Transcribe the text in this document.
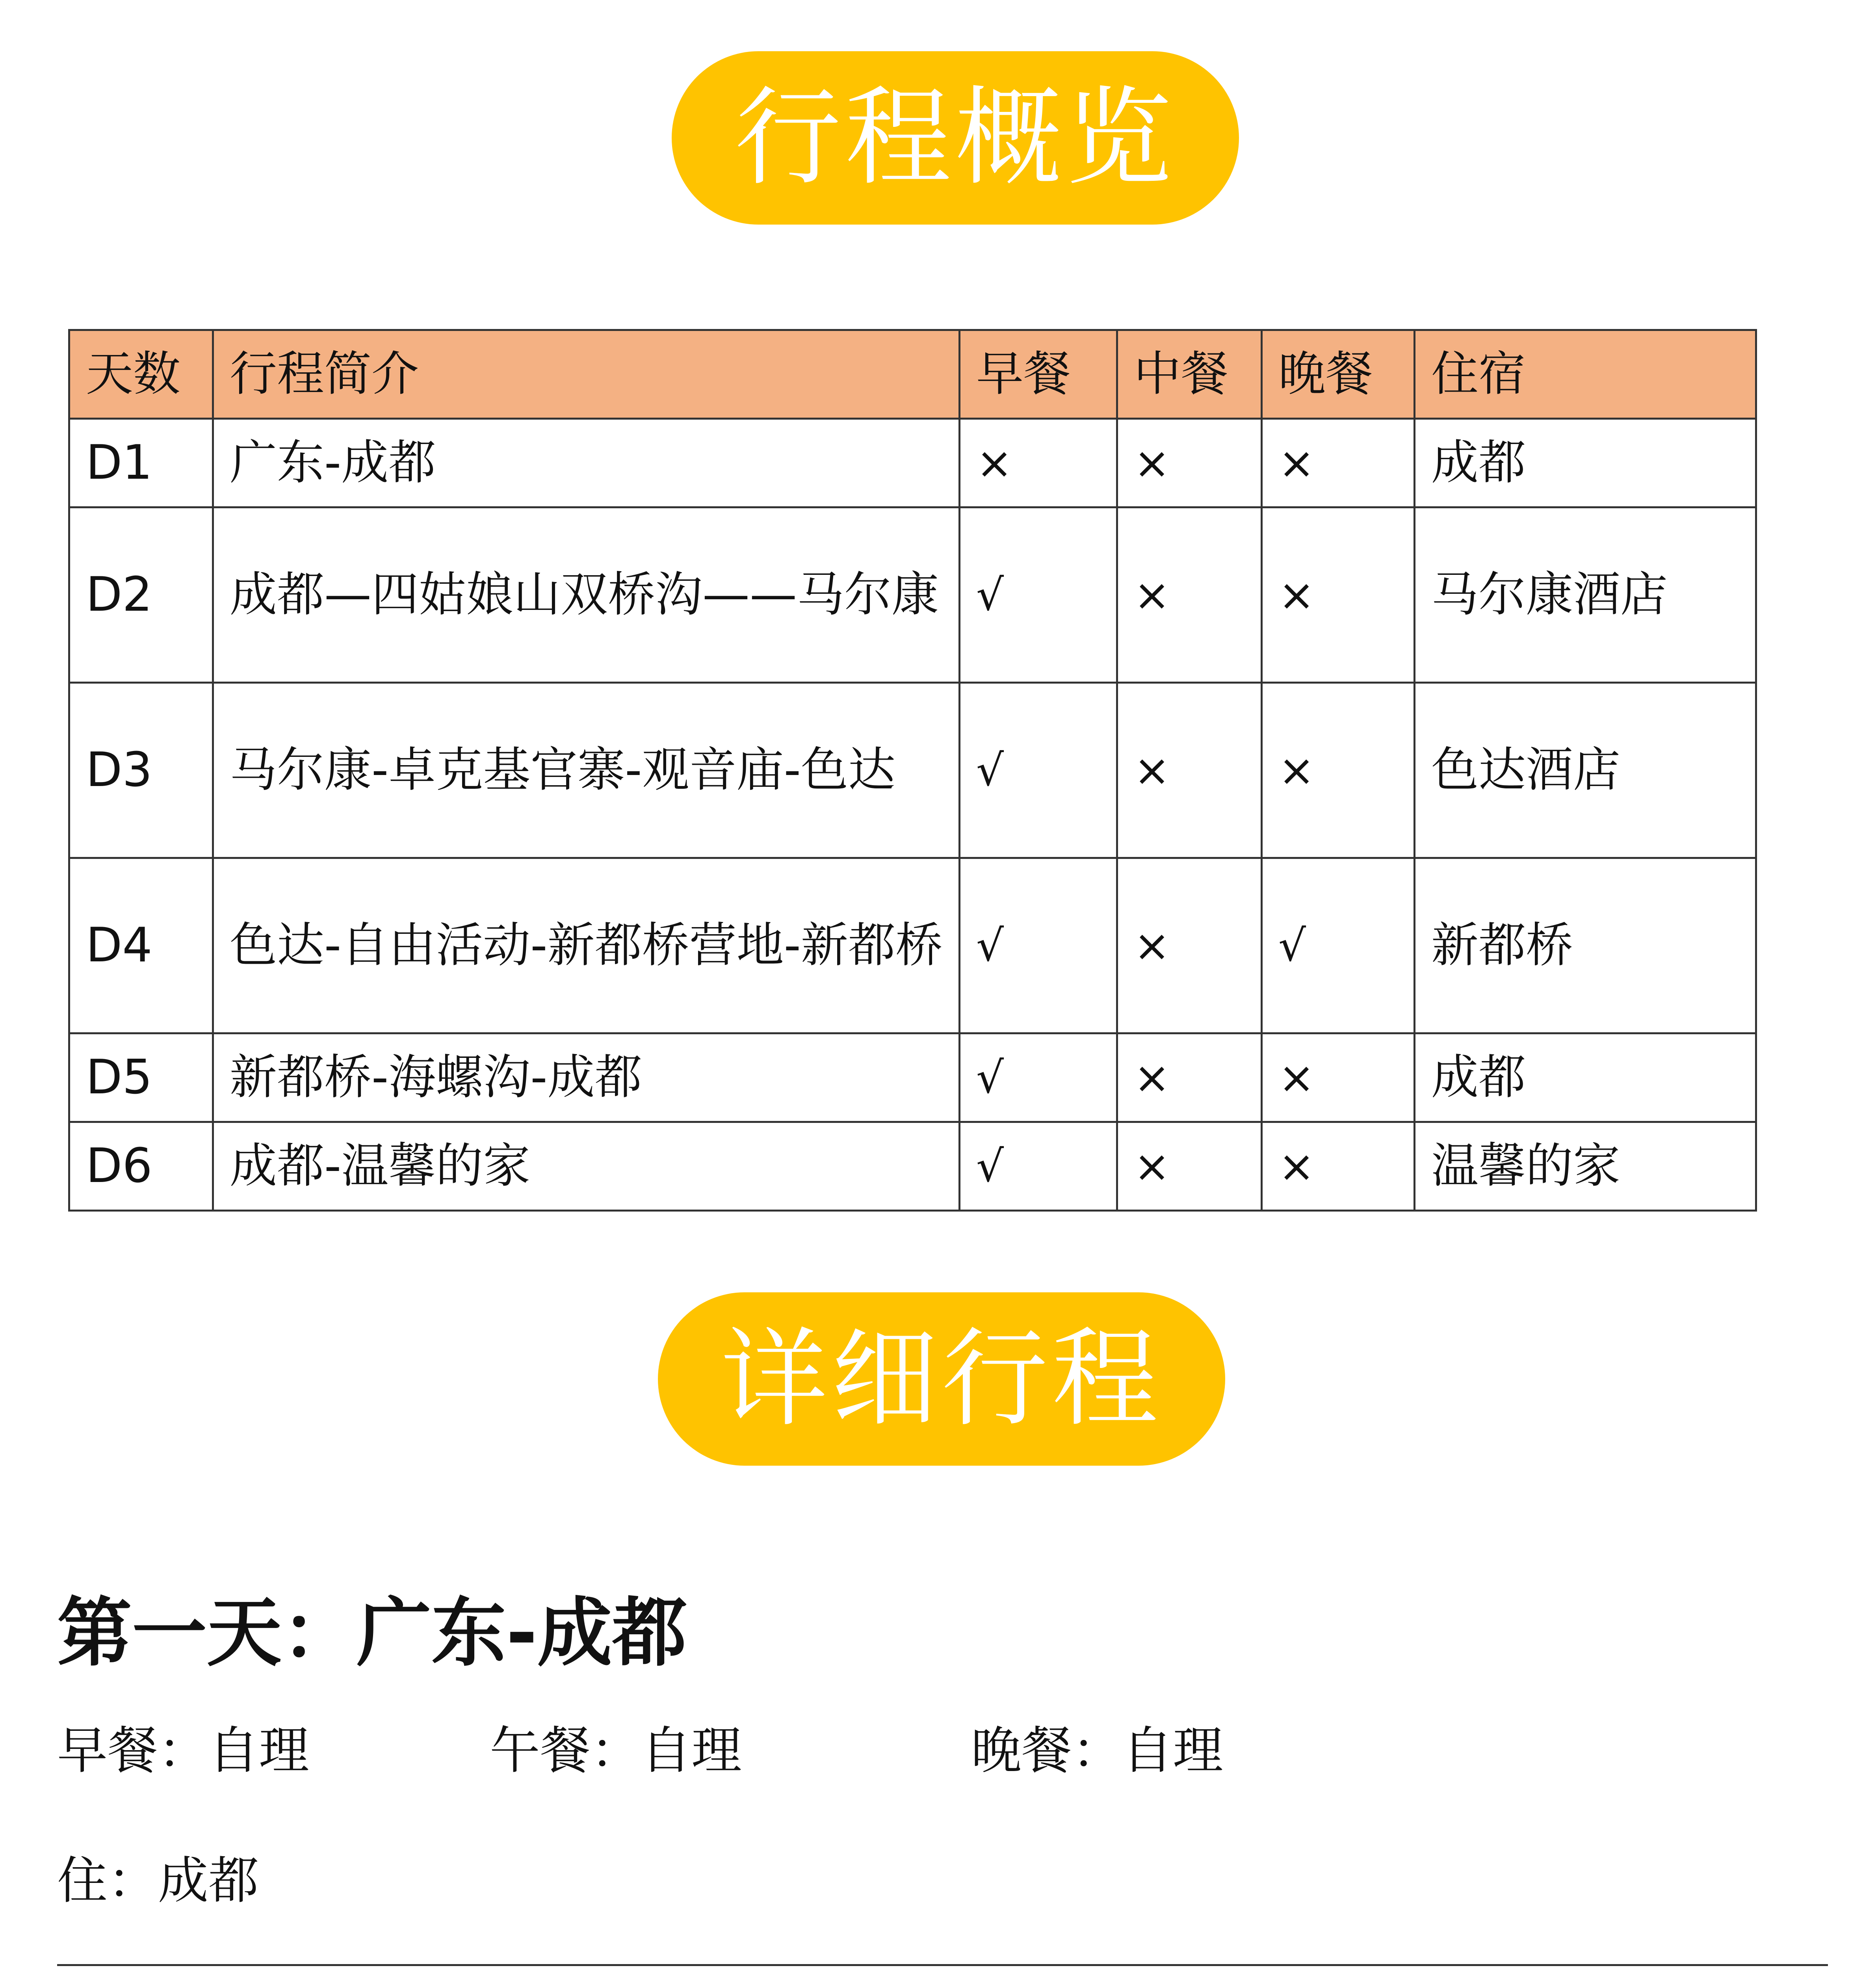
行程概览
天数	行程简介	早餐	中餐	晚餐	住宿
D1	广东-成都	×	×	×	成都
D2	成都—四姑娘山双桥沟——马尔康	√	×	×	马尔康酒店
D3	马尔康-卓克基官寨-观音庙-色达	√	×	×	色达酒店
D4	色达-自由活动-新都桥营地-新都桥	√	×	√	新都桥
D5	新都桥-海螺沟-成都	√	×	×	成都
D6	成都-温馨的家	√	×	×	温馨的家
详细行程
第一天：广东-成都
早餐：自理	午餐：自理	晚餐：自理
住：成都
